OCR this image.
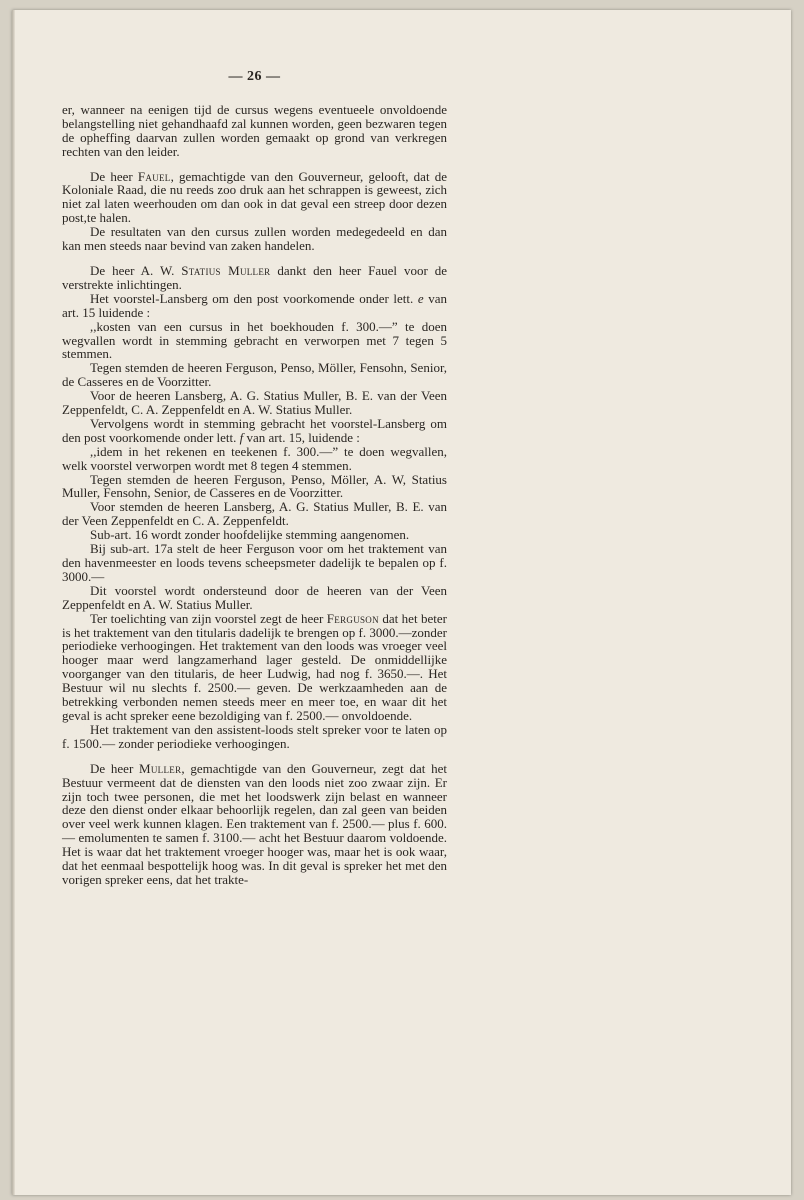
— 26 —

er, wanneer na eenigen tijd de cursus wegens eventueele onvoldoende belangstelling niet gehandhaafd zal kunnen worden, geen bezwaren tegen de opheffing daarvan zullen worden gemaakt op grond van verkregen rechten van den leider.

De heer Fauel, gemachtigde van den Gouverneur, gelooft, dat de Koloniale Raad, die nu reeds zoo druk aan het schrappen is geweest, zich niet zal laten weerhouden om dan ook in dat geval een streep door dezen post,te halen.

De resultaten van den cursus zullen worden medegedeeld en dan kan men steeds naar bevind van zaken handelen.

De heer A. W. Statius Muller dankt den heer Fauel voor de verstrekte inlichtingen.

Het voorstel-Lansberg om den post voorkomende onder lett. e van art. 15 luidende :

,,kosten van een cursus in het boekhouden f. 300.—” te doen wegvallen wordt in stemming gebracht en verworpen met 7 tegen 5 stemmen.

Tegen stemden de heeren Ferguson, Penso, Möller, Fensohn, Senior, de Casseres en de Voorzitter.

Voor de heeren Lansberg, A. G. Statius Muller, B. E. van der Veen Zeppenfeldt, C. A. Zeppenfeldt en A. W. Statius Muller.

Vervolgens wordt in stemming gebracht het voorstel-Lansberg om den post voorkomende onder lett. f van art. 15, luidende :

,,idem in het rekenen en teekenen f. 300.—” te doen wegvallen, welk voorstel verworpen wordt met 8 tegen 4 stemmen.

Tegen stemden de heeren Ferguson, Penso, Möller, A. W, Statius Muller, Fensohn, Senior, de Casseres en de Voorzitter.

Voor stemden de heeren Lansberg, A. G. Statius Muller, B. E. van der Veen Zeppenfeldt en C. A. Zeppenfeldt.

Sub-art. 16 wordt zonder hoofdelijke stemming aangenomen.

Bij sub-art. 17a stelt de heer Ferguson voor om het traktement van den havenmeester en loods tevens scheepsmeter dadelijk te bepalen op f. 3000.—

Dit voorstel wordt ondersteund door de heeren van der Veen Zeppenfeldt en A. W. Statius Muller.

Ter toelichting van zijn voorstel zegt de heer Ferguson dat het beter is het traktement van den titularis dadelijk te brengen op f. 3000.—zonder periodieke verhoogingen. Het traktement van den loods was vroeger veel hooger maar werd langzamerhand lager gesteld. De onmiddellijke voorganger van den titularis, de heer Ludwig, had nog f. 3650.—. Het Bestuur wil nu slechts f. 2500.— geven. De werkzaamheden aan de betrekking verbonden nemen steeds meer en meer toe, en waar dit het geval is acht spreker eene bezoldiging van f. 2500.— onvoldoende.

Het traktement van den assistent-loods stelt spreker voor te laten op f. 1500.— zonder periodieke verhoogingen.

De heer Muller, gemachtigde van den Gouverneur, zegt dat het Bestuur vermeent dat de diensten van den loods niet zoo zwaar zijn. Er zijn toch twee personen, die met het loodswerk zijn belast en wanneer deze den dienst onder elkaar behoorlijk regelen, dan zal geen van beiden over veel werk kunnen klagen. Een traktement van f. 2500.— plus f. 600.— emolumenten te samen f. 3100.— acht het Bestuur daarom voldoende. Het is waar dat het traktement vroeger hooger was, maar het is ook waar, dat het eenmaal bespottelijk hoog was. In dit geval is spreker het met den vorigen spreker eens, dat het trakte-
